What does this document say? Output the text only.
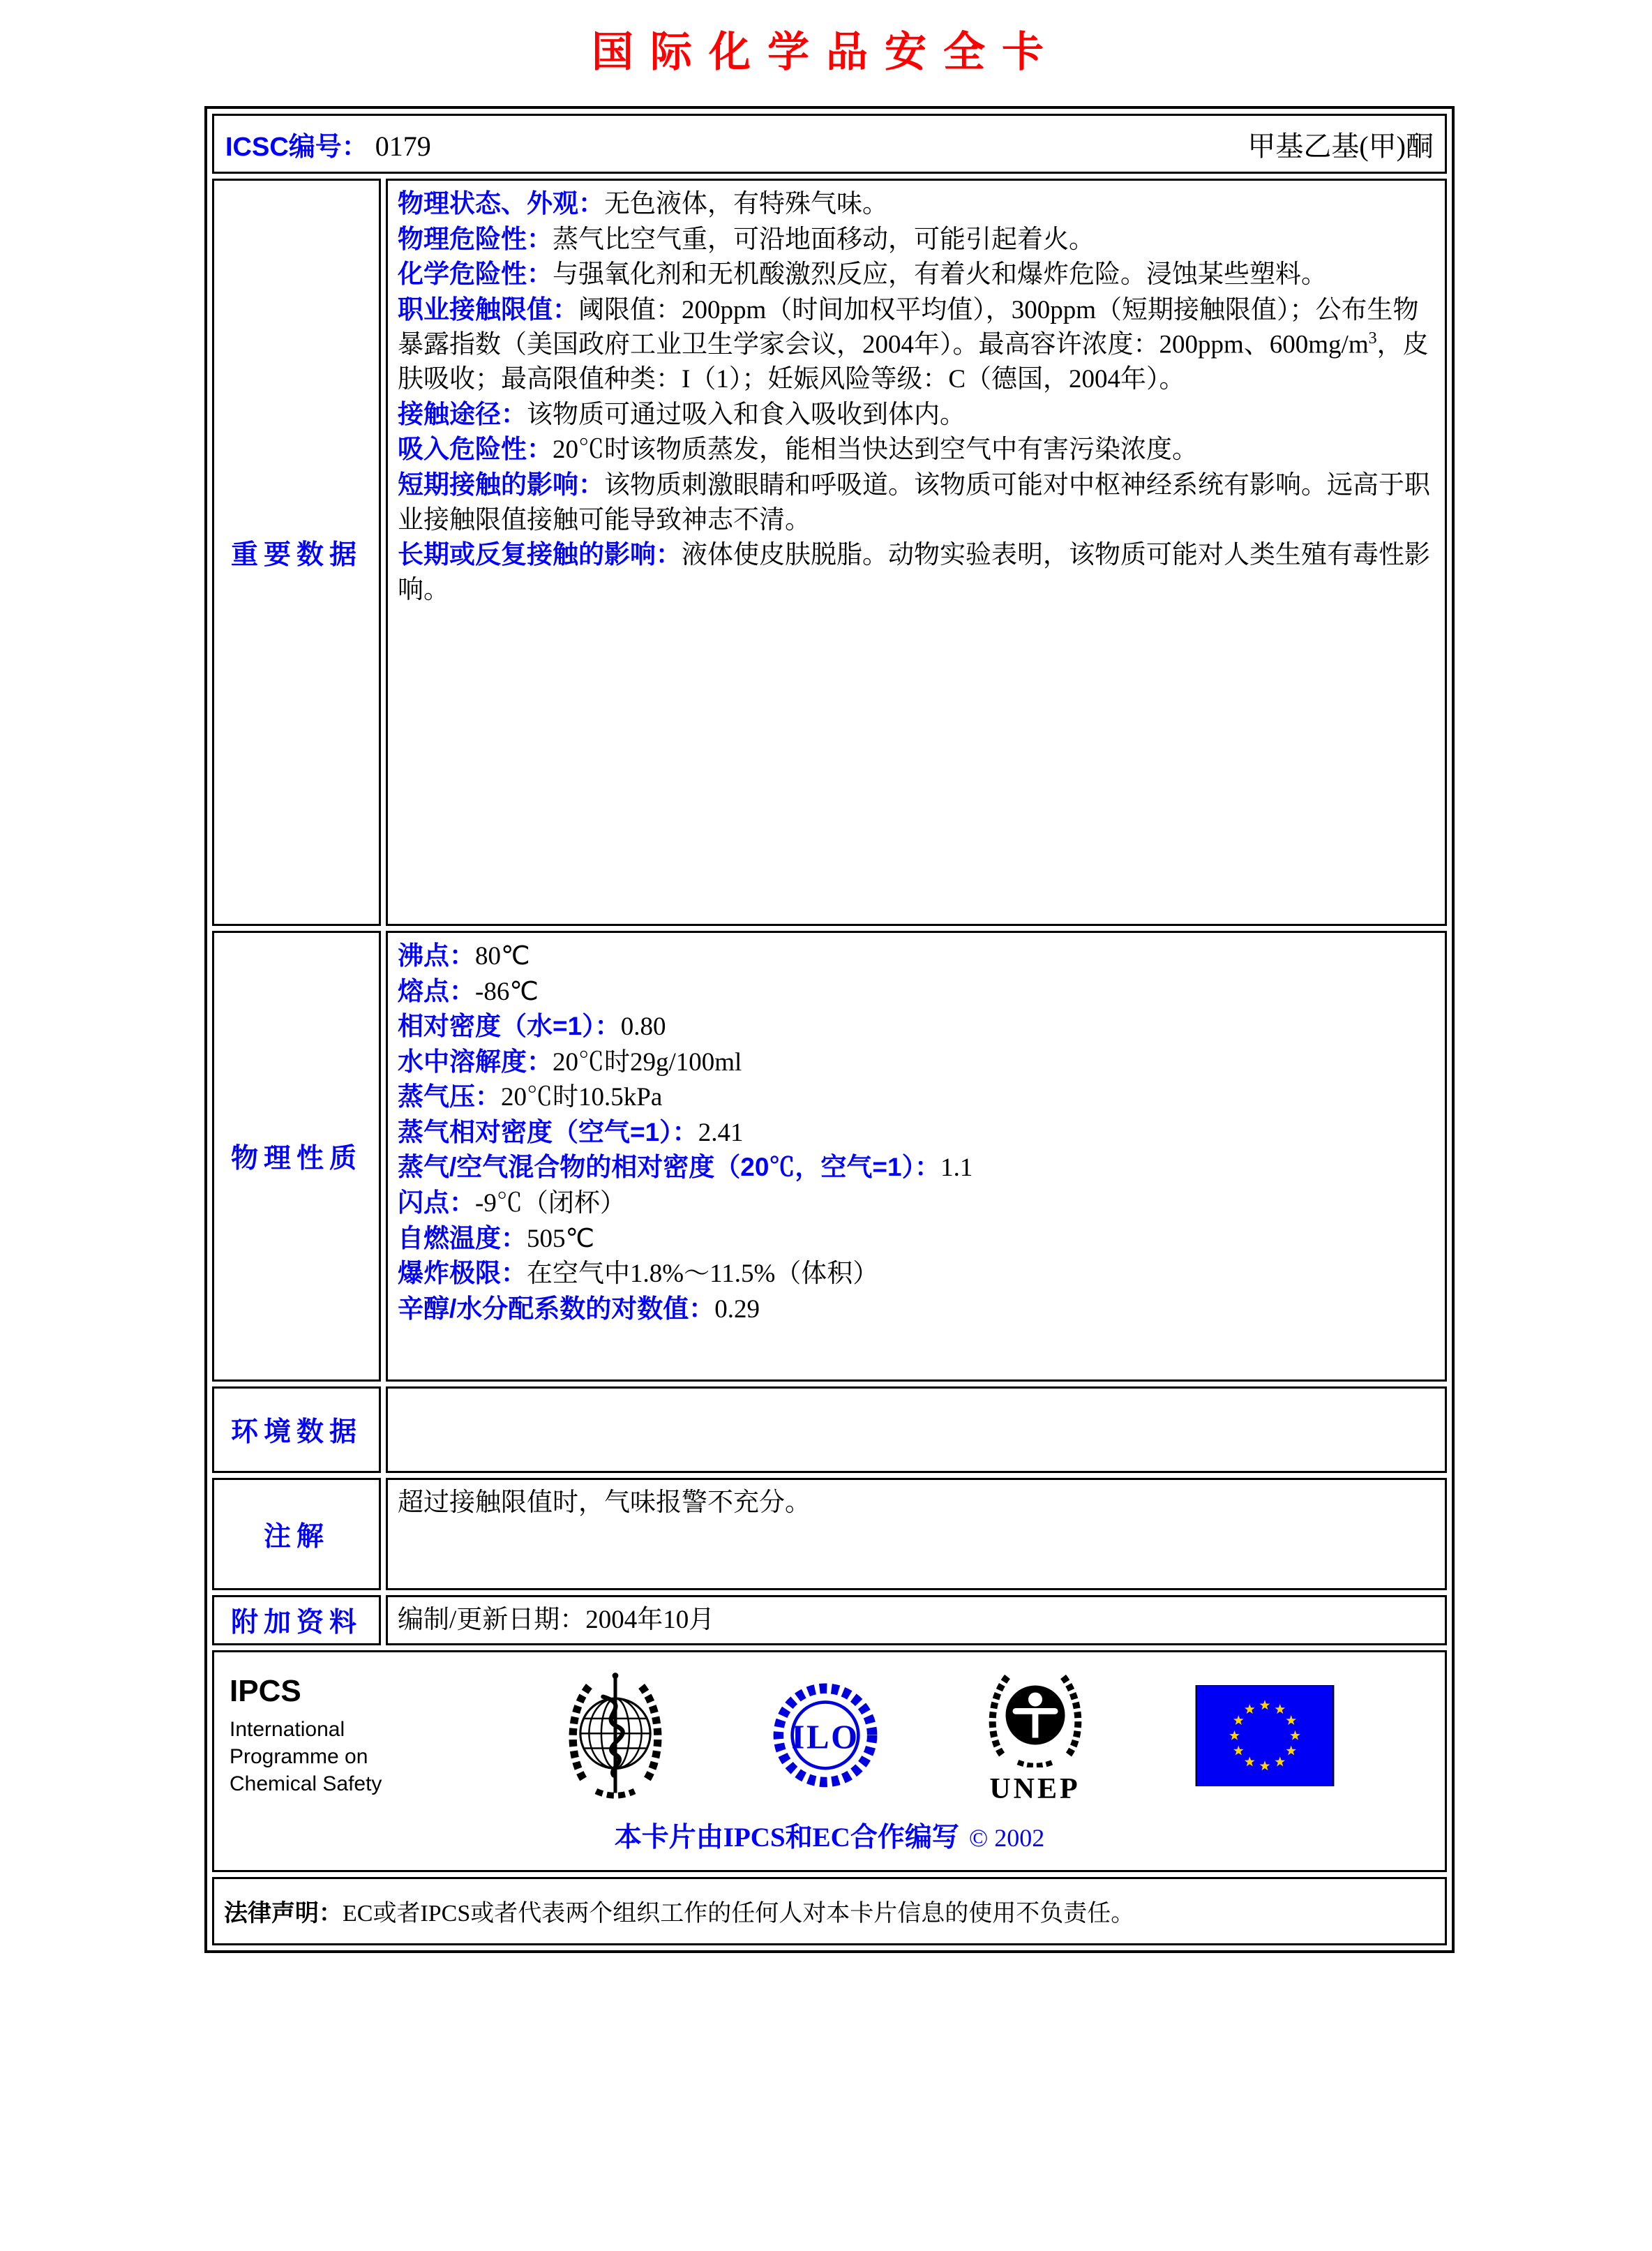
国际化学品安全卡
ICSC编号： 0179 甲基乙基(甲)酮	

重要数据	
物理状态、外观：无色液体，有特殊气味。
物理危险性：蒸气比空气重，可沿地面移动，可能引起着火。
化学危险性：与强氧化剂和无机酸激烈反应，有着火和爆炸危险。浸蚀某些塑料。
职业接触限值：阈限值：200ppm（时间加权平均值），300ppm（短期接触限值）；公布生物暴露指数（美国政府工业卫生学家会议，2004年）。最高容许浓度：200ppm、$600mg/m^3$，皮肤吸收；最高限值种类：I（1）；妊娠风险等级：C（德国，2004年）。
接触途径：该物质可通过吸入和食入吸收到体内。
吸入危险性：20℃时该物质蒸发，能相当快达到空气中有害污染浓度。
短期接触的影响：该物质刺激眼睛和呼吸道。该物质可能对中枢神经系统有影响。远高于职业接触限值接触可能导致神志不清。
长期或反复接触的影响：液体使皮肤脱脂。动物实验表明，该物质可能对人类生殖有毒性影响。

物理性质	
沸点：80℃
熔点：-86℃
相对密度（水=1）：0.80
水中溶解度：20℃时29g/100ml
蒸气压：20℃时10.5kPa
蒸气相对密度（空气=1）：2.41
蒸气/空气混合物的相对密度（20℃，空气=1）：1.1
闪点：-9℃（闭杯）
自燃温度：505℃
爆炸极限：在空气中1.8%～11.5%（体积）
辛醇/水分配系数的对数值：0.29

环境数据	
注解	超过接触限值时，气味报警不充分。

附加资料	编制/更新日期：2004年10月

IPCS
International
Programme on
Chemical Safety
ILO
UNEP
本卡片由IPCS和EC合作编写 © 2002

法律声明：EC或者IPCS或者代表两个组织工作的任何人对本卡片信息的使用不负责任。	
